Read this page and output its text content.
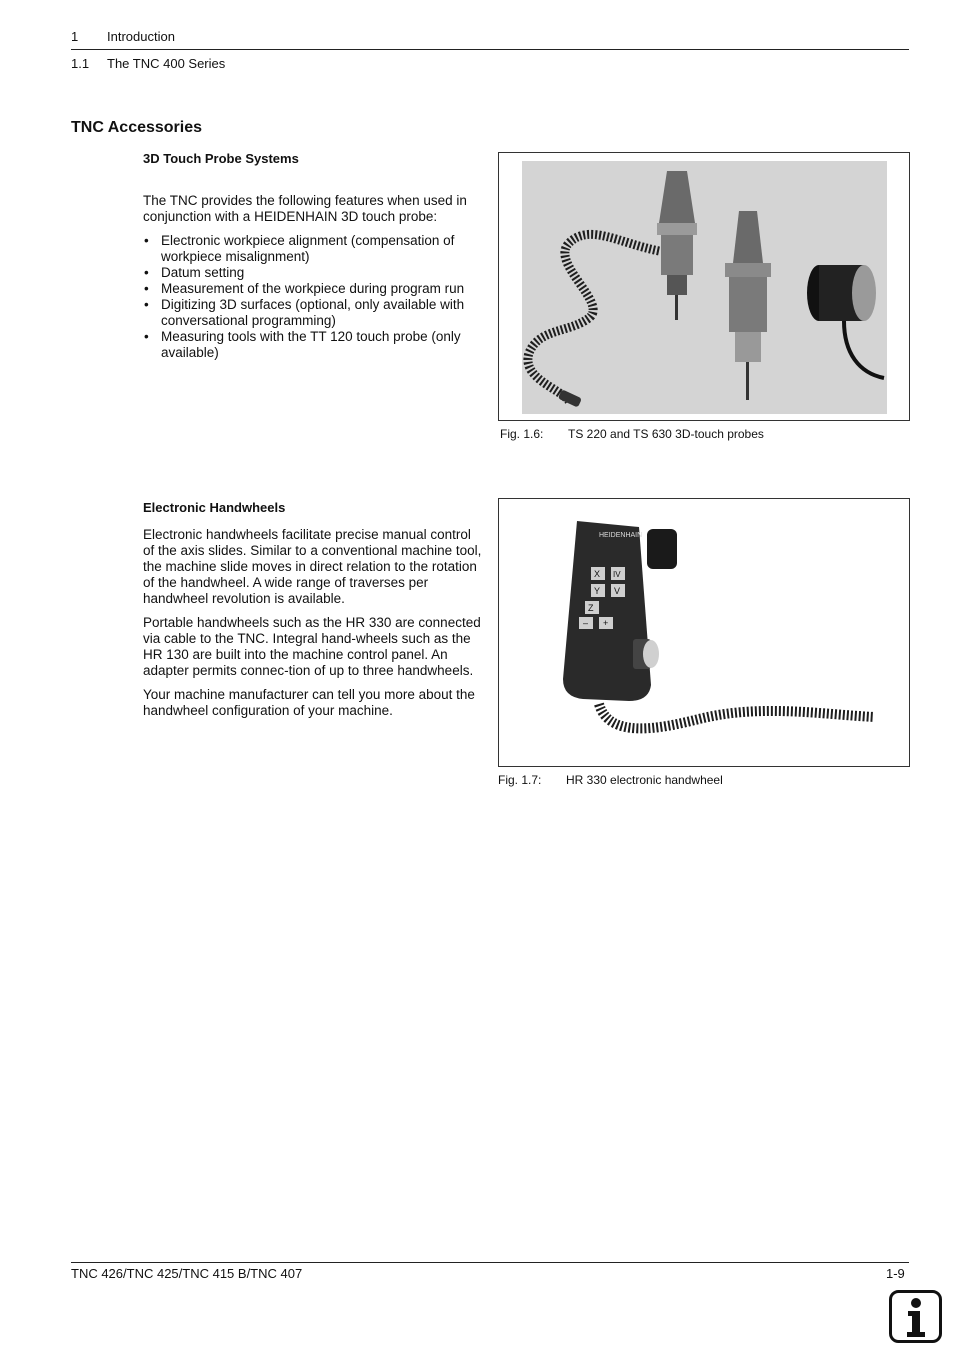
1 Introduction
1.1 The TNC 400 Series
TNC Accessories
3D Touch Probe Systems

The TNC provides the following features when used in conjunction with a HEIDENHAIN 3D touch probe:

• Electronic workpiece alignment (compensation of workpiece misalignment)
• Datum setting
• Measurement of the workpiece during program run
• Digitizing 3D surfaces (optional, only available with conversational programming)
• Measuring tools with the TT 120 touch probe (only available)
Fig. 1.6: TS 220 and TS 630 3D-touch probes
Electronic Handwheels

Electronic handwheels facilitate precise manual control of the axis slides. Similar to a conventional machine tool, the machine slide moves in direct relation to the rotation of the handwheel. A wide range of traverses per handwheel revolution is available.

Portable handwheels such as the HR 330 are connected via cable to the TNC. Integral hand-wheels such as the HR 130 are built into the machine control panel. An adapter permits connec-tion of up to three handwheels.

Your machine manufacturer can tell you more about the handwheel configuration of your machine.

HEIDENHAIN
X IV
Y V
Z
– +
Fig. 1.7: HR 330 electronic handwheel
TNC 426/TNC 425/TNC 415 B/TNC 407	1-9
